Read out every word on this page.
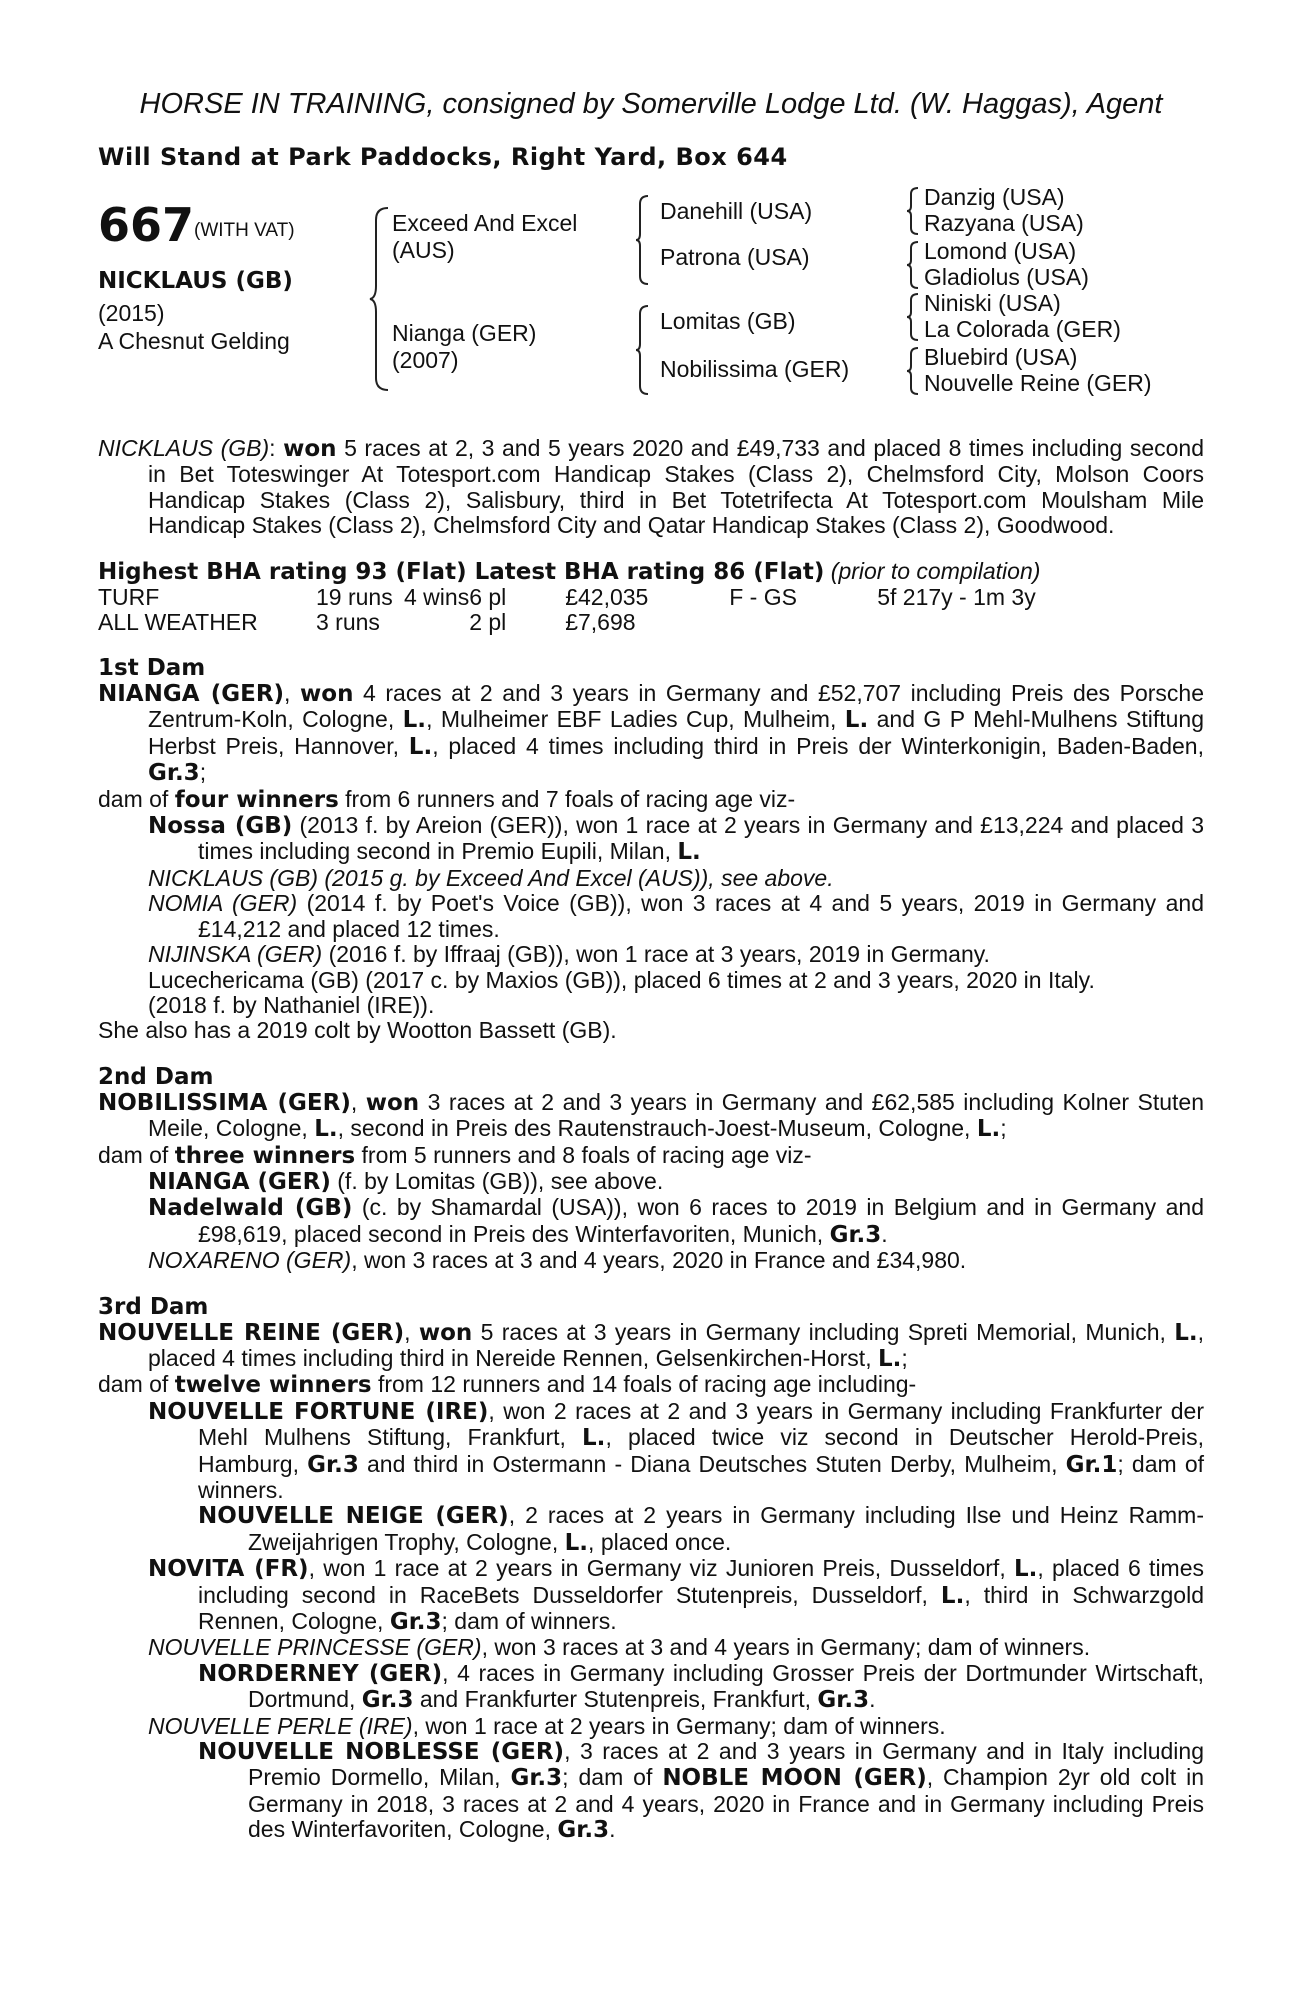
HORSE IN TRAINING, consigned by Somerville Lodge Ltd. (W. Haggas), Agent

Will Stand at Park Paddocks, Right Yard, Box 644
667 (WITH VAT)
NICKLAUS (GB)
(2015)
A Chesnut Gelding
Exceed And Excel (AUS)
Nianga (GER) (2007)
Danehill (USA)
Patrona (USA)
Lomitas (GB)
Nobilissima (GER)
Danzig (USA)
Razyana (USA)
Lomond (USA)
Gladiolus (USA)
Niniski (USA)
La Colorada (GER)
Bluebird (USA)
Nouvelle Reine (GER)
NICKLAUS (GB): won 5 races at 2, 3 and 5 years 2020 and £49,733 and placed 8 times including second in Bet Toteswinger At Totesport.com Handicap Stakes (Class 2), Chelmsford City, Molson Coors Handicap Stakes (Class 2), Salisbury, third in Bet Totetrifecta At Totesport.com Moulsham Mile Handicap Stakes (Class 2), Chelmsford City and Qatar Handicap Stakes (Class 2), Goodwood.
Highest BHA rating 93 (Flat) Latest BHA rating 86 (Flat) (prior to compilation)
TURF	19 runs	4 wins	6 pl	£42,035	F - GS	5f 217y - 1m 3y
ALL WEATHER	3 runs		2 pl	£7,698		
1st Dam
NIANGA (GER), won 4 races at 2 and 3 years in Germany and £52,707 including Preis des Porsche Zentrum-Koln, Cologne, L., Mulheimer EBF Ladies Cup, Mulheim, L. and G P Mehl-Mulhens Stiftung Herbst Preis, Hannover, L., placed 4 times including third in Preis der Winterkonigin, Baden-Baden, Gr.3;
dam of four winners from 6 runners and 7 foals of racing age viz-
Nossa (GB) (2013 f. by Areion (GER)), won 1 race at 2 years in Germany and £13,224 and placed 3 times including second in Premio Eupili, Milan, L.
NICKLAUS (GB) (2015 g. by Exceed And Excel (AUS)), see above.
NOMIA (GER) (2014 f. by Poet's Voice (GB)), won 3 races at 4 and 5 years, 2019 in Germany and £14,212 and placed 12 times.
NIJINSKA (GER) (2016 f. by Iffraaj (GB)), won 1 race at 3 years, 2019 in Germany.
Lucechericama (GB) (2017 c. by Maxios (GB)), placed 6 times at 2 and 3 years, 2020 in Italy.
(2018 f. by Nathaniel (IRE)).
She also has a 2019 colt by Wootton Bassett (GB).
2nd Dam
NOBILISSIMA (GER), won 3 races at 2 and 3 years in Germany and £62,585 including Kolner Stuten Meile, Cologne, L., second in Preis des Rautenstrauch-Joest-Museum, Cologne, L.;
dam of three winners from 5 runners and 8 foals of racing age viz-
NIANGA (GER) (f. by Lomitas (GB)), see above.
Nadelwald (GB) (c. by Shamardal (USA)), won 6 races to 2019 in Belgium and in Germany and £98,619, placed second in Preis des Winterfavoriten, Munich, Gr.3.
NOXARENO (GER), won 3 races at 3 and 4 years, 2020 in France and £34,980.
3rd Dam
NOUVELLE REINE (GER), won 5 races at 3 years in Germany including Spreti Memorial, Munich, L., placed 4 times including third in Nereide Rennen, Gelsenkirchen-Horst, L.;
dam of twelve winners from 12 runners and 14 foals of racing age including-
NOUVELLE FORTUNE (IRE), won 2 races at 2 and 3 years in Germany including Frankfurter der Mehl Mulhens Stiftung, Frankfurt, L., placed twice viz second in Deutscher Herold-Preis, Hamburg, Gr.3 and third in Ostermann - Diana Deutsches Stuten Derby, Mulheim, Gr.1; dam of winners.
NOUVELLE NEIGE (GER), 2 races at 2 years in Germany including Ilse und Heinz Ramm-Zweijahrigen Trophy, Cologne, L., placed once.
NOVITA (FR), won 1 race at 2 years in Germany viz Junioren Preis, Dusseldorf, L., placed 6 times including second in RaceBets Dusseldorfer Stutenpreis, Dusseldorf, L., third in Schwarzgold Rennen, Cologne, Gr.3; dam of winners.
NOUVELLE PRINCESSE (GER), won 3 races at 3 and 4 years in Germany; dam of winners.
NORDERNEY (GER), 4 races in Germany including Grosser Preis der Dortmunder Wirtschaft, Dortmund, Gr.3 and Frankfurter Stutenpreis, Frankfurt, Gr.3.
NOUVELLE PERLE (IRE), won 1 race at 2 years in Germany; dam of winners.
NOUVELLE NOBLESSE (GER), 3 races at 2 and 3 years in Germany and in Italy including Premio Dormello, Milan, Gr.3; dam of NOBLE MOON (GER), Champion 2yr old colt in Germany in 2018, 3 races at 2 and 4 years, 2020 in France and in Germany including Preis des Winterfavoriten, Cologne, Gr.3.
